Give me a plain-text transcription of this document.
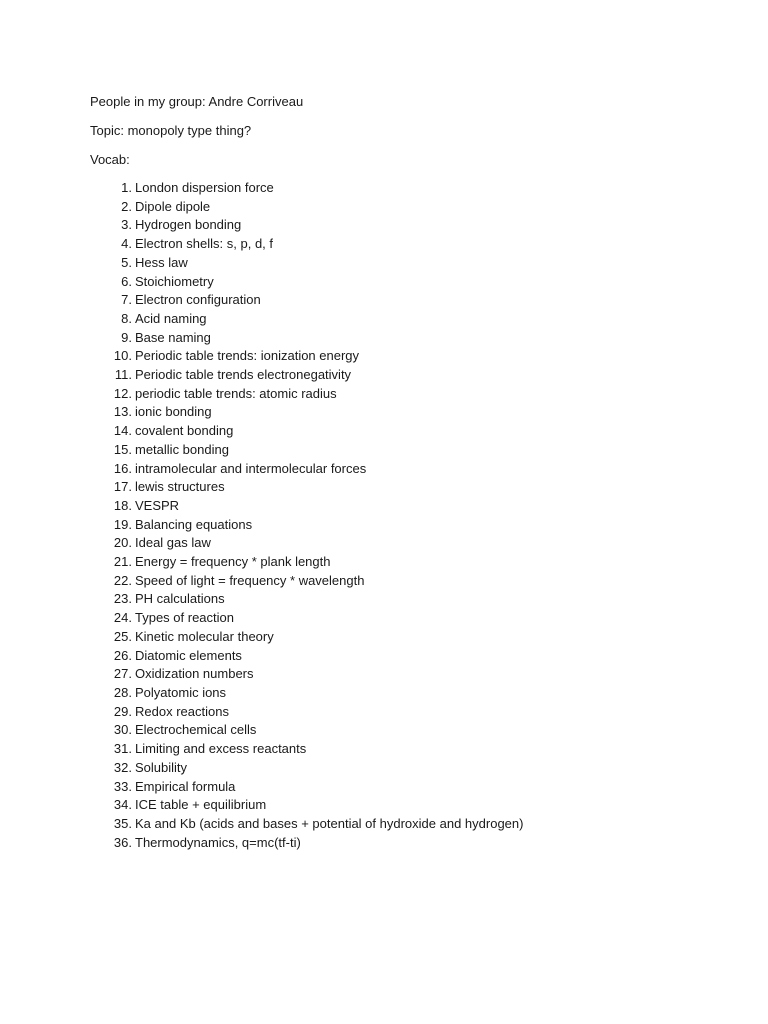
People in my group: Andre Corriveau
Topic: monopoly type thing?
Vocab:
1. London dispersion force
2. Dipole dipole
3. Hydrogen bonding
4. Electron shells: s, p, d, f
5. Hess law
6. Stoichiometry
7. Electron configuration
8. Acid naming
9. Base naming
10. Periodic table trends: ionization energy
11. Periodic table trends electronegativity
12. periodic table trends: atomic radius
13. ionic bonding
14. covalent bonding
15. metallic bonding
16. intramolecular and intermolecular forces
17. lewis structures
18. VESPR
19. Balancing equations
20. Ideal gas law
21. Energy = frequency * plank length
22. Speed of light = frequency * wavelength
23. PH calculations
24. Types of reaction
25. Kinetic molecular theory
26. Diatomic elements
27. Oxidization numbers
28. Polyatomic ions
29. Redox reactions
30. Electrochemical cells
31. Limiting and excess reactants
32. Solubility
33. Empirical formula
34. ICE table + equilibrium
35. Ka and Kb (acids and bases + potential of hydroxide and hydrogen)
36. Thermodynamics, q=mc(tf-ti)
